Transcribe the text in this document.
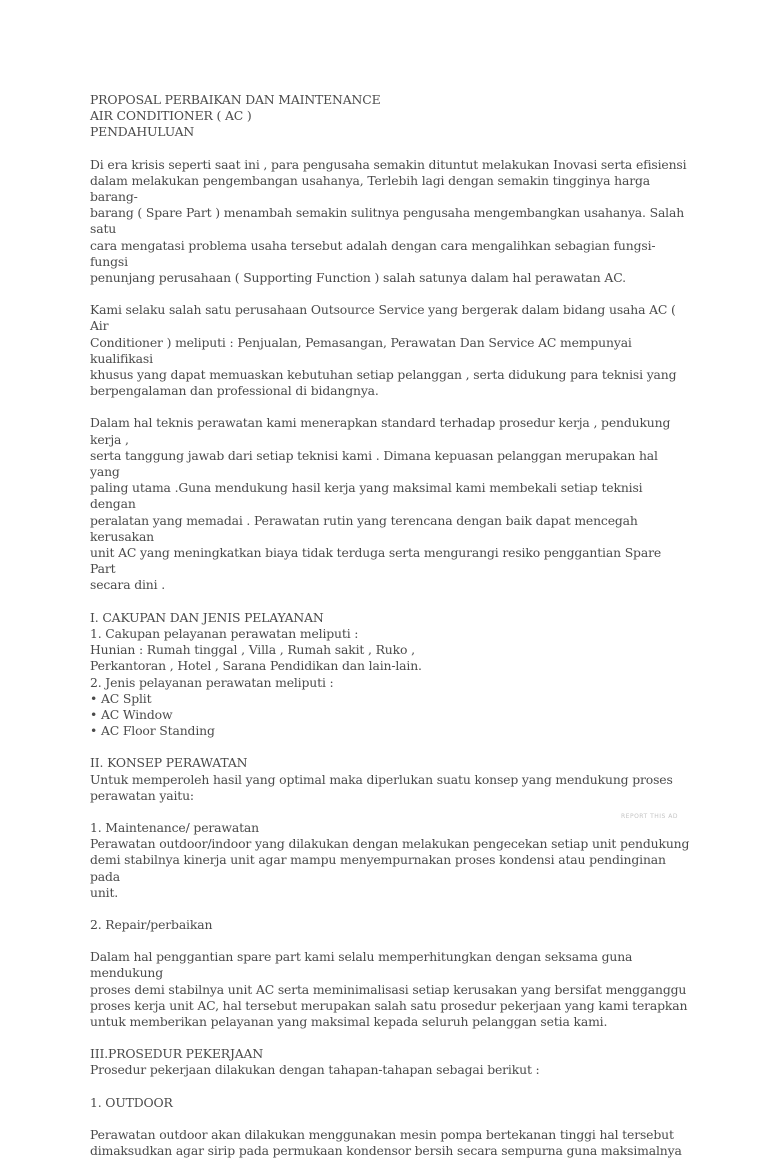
PROPOSAL PERBAIKAN DAN MAINTENANCE

AIR CONDITIONER ( AC )

PENDAHULUAN

Di era krisis seperti saat ini , para pengusaha semakin dituntut melakukan Inovasi serta efisiensi
dalam melakukan pengembangan usahanya, Terlebih lagi dengan semakin tingginya harga barang-
barang ( Spare Part ) menambah semakin sulitnya pengusaha mengembangkan usahanya. Salah satu
cara mengatasi problema usaha tersebut adalah dengan cara mengalihkan sebagian fungsi-fungsi
penunjang perusahaan ( Supporting Function ) salah satunya dalam hal perawatan AC.

Kami selaku salah satu perusahaan Outsource Service yang bergerak dalam bidang usaha AC ( Air
Conditioner ) meliputi : Penjualan, Pemasangan, Perawatan Dan Service AC mempunyai kualifikasi
khusus yang dapat memuaskan kebutuhan setiap pelanggan , serta didukung para teknisi yang
berpengalaman dan professional di bidangnya.

Dalam hal teknis perawatan kami menerapkan standard terhadap prosedur kerja , pendukung kerja ,
serta tanggung jawab dari setiap teknisi kami . Dimana kepuasan pelanggan merupakan hal yang
paling utama .Guna mendukung hasil kerja yang maksimal kami membekali setiap teknisi dengan
peralatan yang memadai . Perawatan rutin yang terencana dengan baik dapat mencegah kerusakan
unit AC yang meningkatkan biaya tidak terduga serta mengurangi resiko penggantian Spare Part
secara dini .

I. CAKUPAN DAN JENIS PELAYANAN

1. Cakupan pelayanan perawatan meliputi :
Hunian : Rumah tinggal , Villa , Rumah sakit , Ruko ,
Perkantoran , Hotel , Sarana Pendidikan dan lain-lain.
2. Jenis pelayanan perawatan meliputi :
• AC Split
• AC Window
• AC Floor Standing

II. KONSEP PERAWATAN

Untuk memperoleh hasil yang optimal maka diperlukan suatu konsep yang mendukung proses
perawatan yaitu:

1. Maintenance/ perawatan

Perawatan outdoor/indoor yang dilakukan dengan melakukan pengecekan setiap unit pendukung
demi stabilnya kinerja unit agar mampu menyempurnakan proses kondensi atau pendinginan pada
unit.

2. Repair/perbaikan

Dalam hal penggantian spare part kami selalu memperhitungkan dengan seksama guna mendukung
proses demi stabilnya unit AC serta meminimalisasi setiap kerusakan yang bersifat mengganggu
proses kerja unit AC, hal tersebut merupakan salah satu prosedur pekerjaan yang kami terapkan
untuk memberikan pelayanan yang maksimal kepada seluruh pelanggan setia kami.

III.PROSEDUR PEKERJAAN

Prosedur pekerjaan dilakukan dengan tahapan-tahapan sebagai berikut :

1. OUTDOOR

Perawatan outdoor akan dilakukan menggunakan mesin pompa bertekanan tinggi hal tersebut
dimaksudkan agar sirip pada permukaan kondensor bersih secara sempurna guna maksimalnya

REPORT THIS AD
